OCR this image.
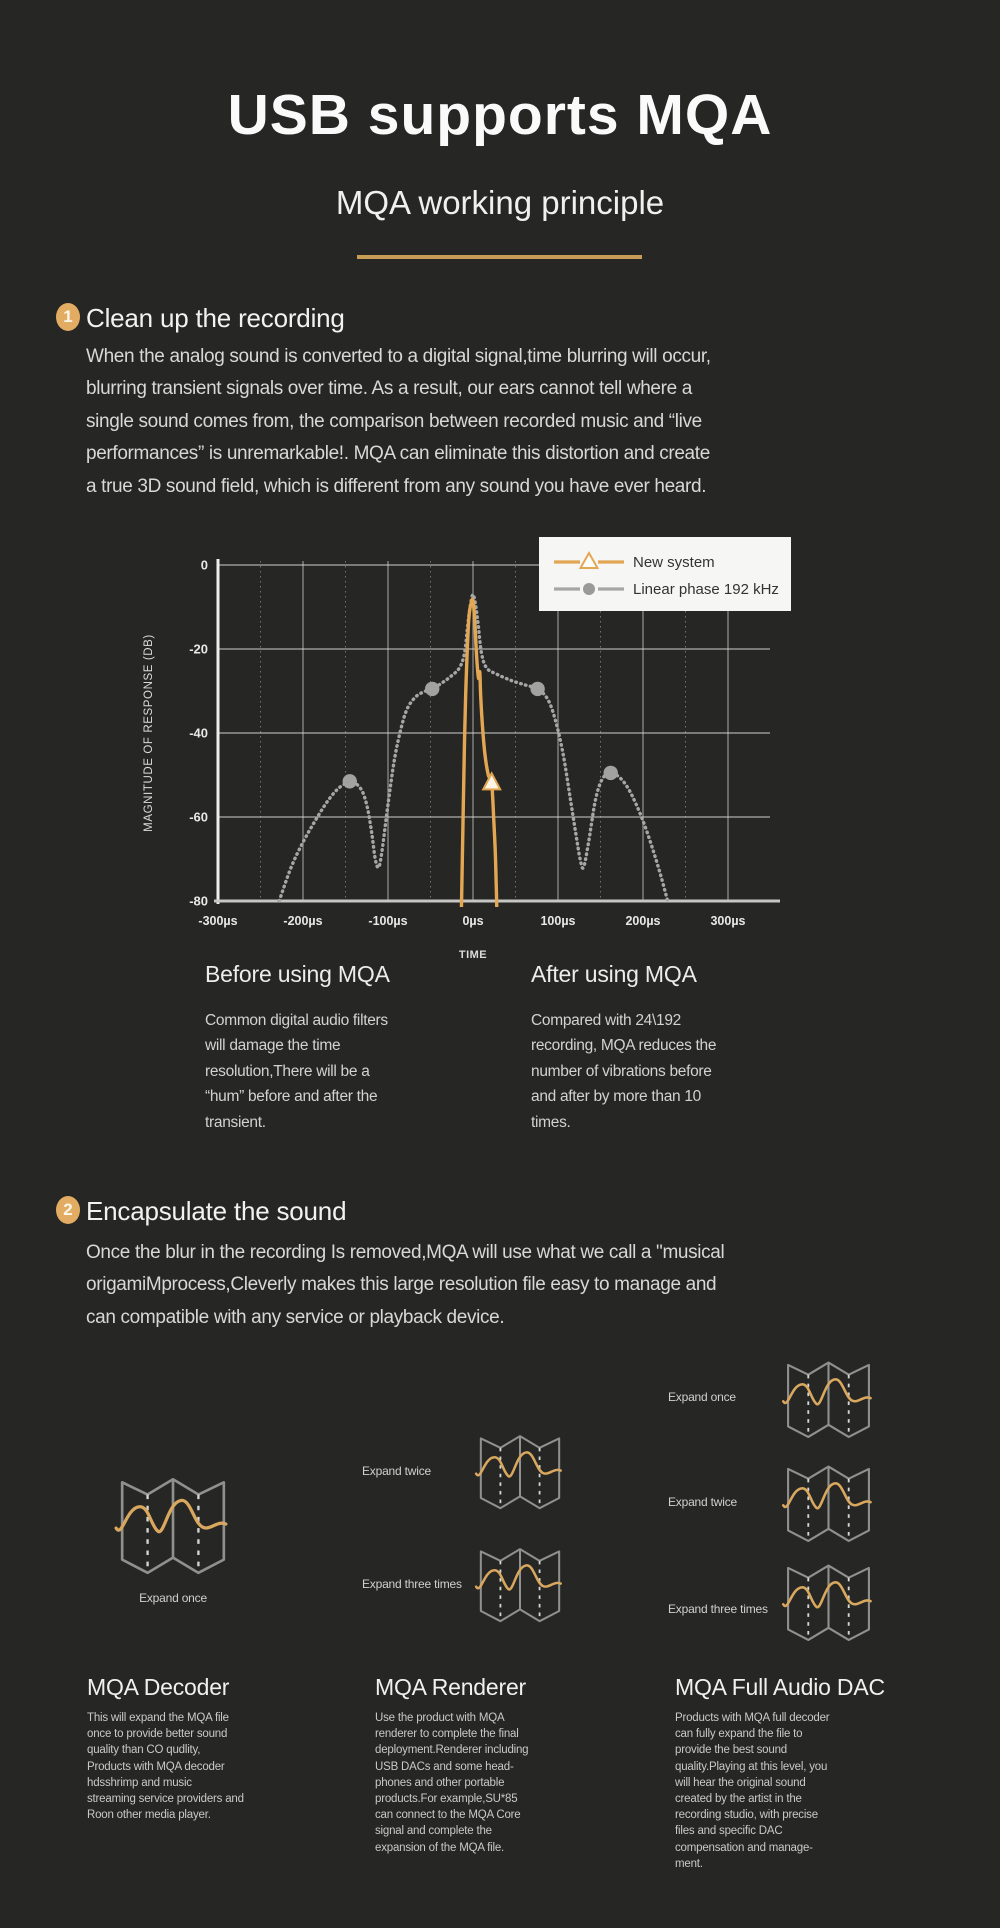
USB supports MQA
MQA working principle
1 Clean up the recording

When the analog sound is converted to a digital signal,time blurring will occur,
blurring transient signals over time. As a result, our ears cannot tell where a
single sound comes from, the comparison between recorded music and “live
performances” is unremarkable!. MQA can eliminate this distortion and create
a true 3D sound field, which is different from any sound you have ever heard.

0
-20
-40
-60
-80
-300µs	-200µs	-100µs	0µs	100µs	200µs	300µs
TIME
MAGNITUDE OF RESPONSE (DB)
New system
Linear phase 192 kHz
Before using MQA	After using MQA

Common digital audio filters
will damage the time
resolution,There will be a
“hum” before and after the
transient.

Compared with 24\192
recording, MQA reduces the
number of vibrations before
and after by more than 10
times.

2 Encapsulate the sound

Once the blur in the recording Is removed,MQA will use what we call a "musical
origamiMprocess,Cleverly makes this large resolution file easy to manage and
can compatible with any service or playback device.

Expand once
Expand twice
Expand three times
Expand once
Expand twice
Expand three times
MQA Decoder

This will expand the MQA file
once to provide better sound
quality than CO qudlity,
Products with MQA decoder
hdsshrimp and music
streaming service providers and
Roon other media player.

MQA Renderer

Use the product with MQA
renderer to complete the final
deployment.Renderer including
USB DACs and some head-
phones and other portable
products.For example,SU*85
can connect to the MQA Core
signal and complete the
expansion of the MQA file.

MQA Full Audio DAC

Products with MQA full decoder
can fully expand the file to
provide the best sound
quality.Playing at this level, you
will hear the original sound
created by the artist in the
recording studio, with precise
files and specific DAC
compensation and manage-
ment.
